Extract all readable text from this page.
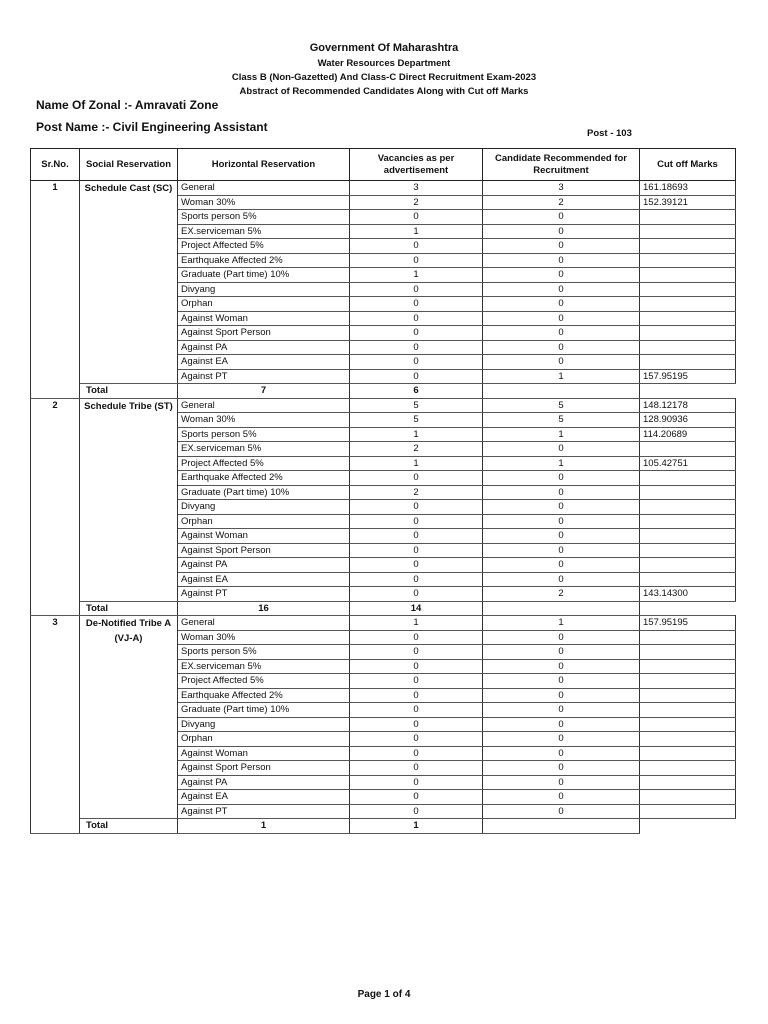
Government Of Maharashtra
Water Resources Department
Class B (Non-Gazetted) And Class-C Direct Recruitment Exam-2023
Abstract of Recommended Candidates Along with Cut off Marks
Name Of Zonal :- Amravati Zone
Post Name :- Civil Engineering Assistant	Post - 103
Sr.No.	Social Reservation	Horizontal Reservation	Vacancies as per advertisement	Candidate Recommended for Recruitment	Cut off Marks
1	Schedule Cast (SC)	General	3	3	161.18693
		Woman 30%	2	2	152.39121
		Sports person 5%	0	0	
		EX.serviceman 5%	1	0	
		Project Affected 5%	0	0	
		Earthquake Affected 2%	0	0	
		Graduate (Part time) 10%	1	0	
		Divyang	0	0	
		Orphan	0	0	
		Against Woman	0	0	
		Against Sport Person	0	0	
		Against PA	0	0	
		Against EA	0	0	
		Against PT	0	1	157.95195
	Total	7	6		
2	Schedule Tribe (ST)	General	5	5	148.12178
		Woman 30%	5	5	128.90936
		Sports person 5%	1	1	114.20689
		EX.serviceman 5%	2	0	
		Project Affected 5%	1	1	105.42751
		Earthquake Affected 2%	0	0	
		Graduate (Part time) 10%	2	0	
		Divyang	0	0	
		Orphan	0	0	
		Against Woman	0	0	
		Against Sport Person	0	0	
		Against PA	0	0	
		Against EA	0	0	
		Against PT	0	2	143.14300
	Total	16	14		
3	De-Notified Tribe A (VJ-A)	General	1	1	157.95195
		Woman 30%	0	0	
		Sports person 5%	0	0	
		EX.serviceman 5%	0	0	
		Project Affected 5%	0	0	
		Earthquake Affected 2%	0	0	
		Graduate (Part time) 10%	0	0	
		Divyang	0	0	
		Orphan	0	0	
		Against Woman	0	0	
		Against Sport Person	0	0	
		Against PA	0	0	
		Against EA	0	0	
		Against PT	0	0	
	Total	1	1		
Page 1 of 4
